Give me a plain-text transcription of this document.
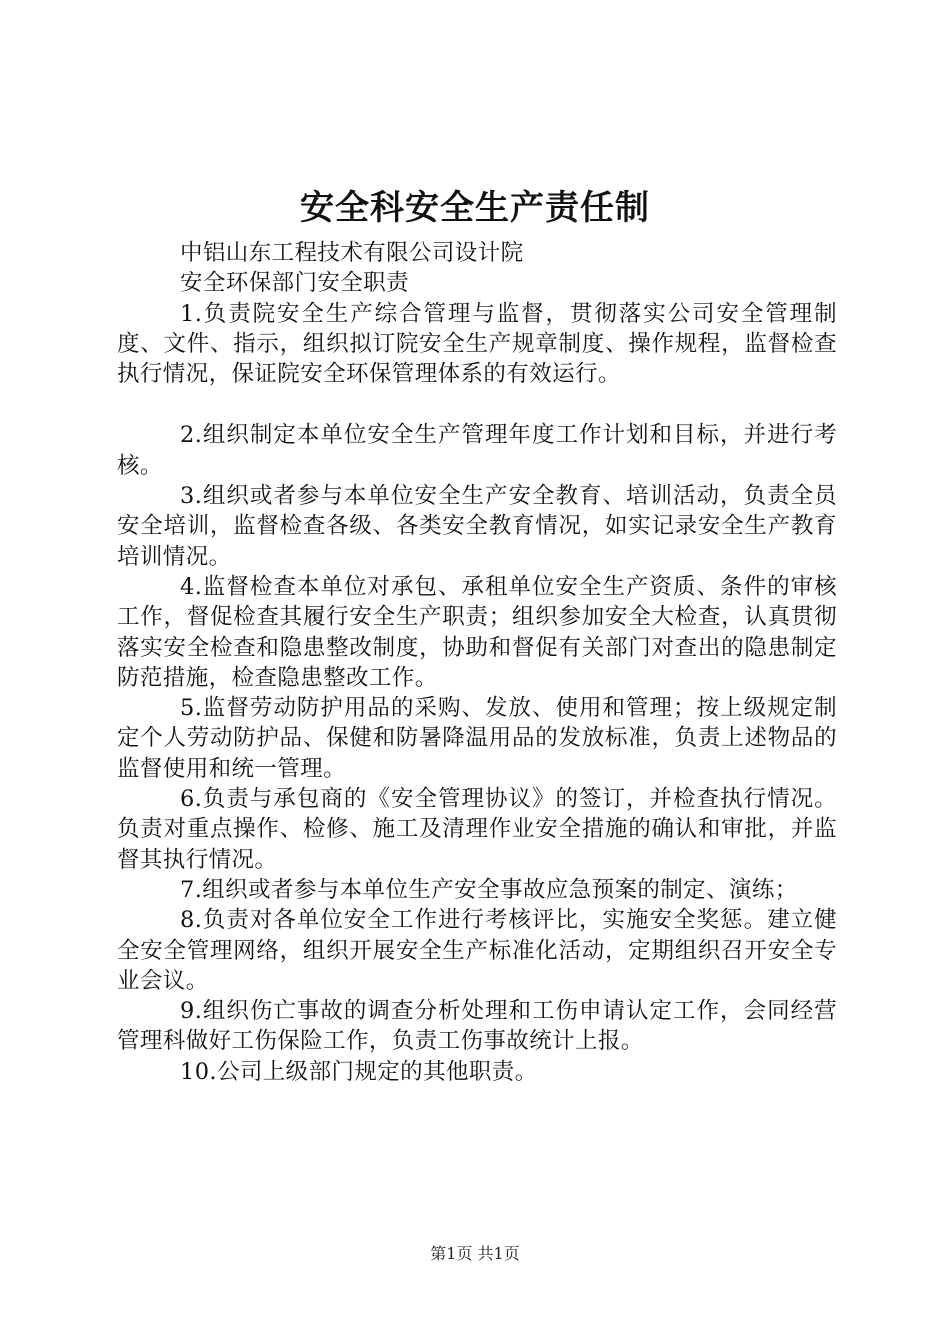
安全科安全生产责任制

中铝山东工程技术有限公司设计院

安全环保部门安全职责

1.负责院安全生产综合管理与监督，贯彻落实公司安全管理制度、文件、指示，组织拟订院安全生产规章制度、操作规程，监督检查执行情况，保证院安全环保管理体系的有效运行。

2.组织制定本单位安全生产管理年度工作计划和目标，并进行考核。

3.组织或者参与本单位安全生产安全教育、培训活动，负责全员安全培训，监督检查各级、各类安全教育情况，如实记录安全生产教育培训情况。

4.监督检查本单位对承包、承租单位安全生产资质、条件的审核工作，督促检查其履行安全生产职责；组织参加安全大检查，认真贯彻落实安全检查和隐患整改制度，协助和督促有关部门对查出的隐患制定防范措施，检查隐患整改工作。

5.监督劳动防护用品的采购、发放、使用和管理；按上级规定制定个人劳动防护品、保健和防暑降温用品的发放标准，负责上述物品的监督使用和统一管理。

6.负责与承包商的《安全管理协议》的签订，并检查执行情况。负责对重点操作、检修、施工及清理作业安全措施的确认和审批，并监督其执行情况。

7.组织或者参与本单位生产安全事故应急预案的制定、演练；

8.负责对各单位安全工作进行考核评比，实施安全奖惩。建立健全安全管理网络，组织开展安全生产标准化活动，定期组织召开安全专业会议。

9.组织伤亡事故的调查分析处理和工伤申请认定工作，会同经营管理科做好工伤保险工作，负责工伤事故统计上报。

10.公司上级部门规定的其他职责。

第1页 共1页
